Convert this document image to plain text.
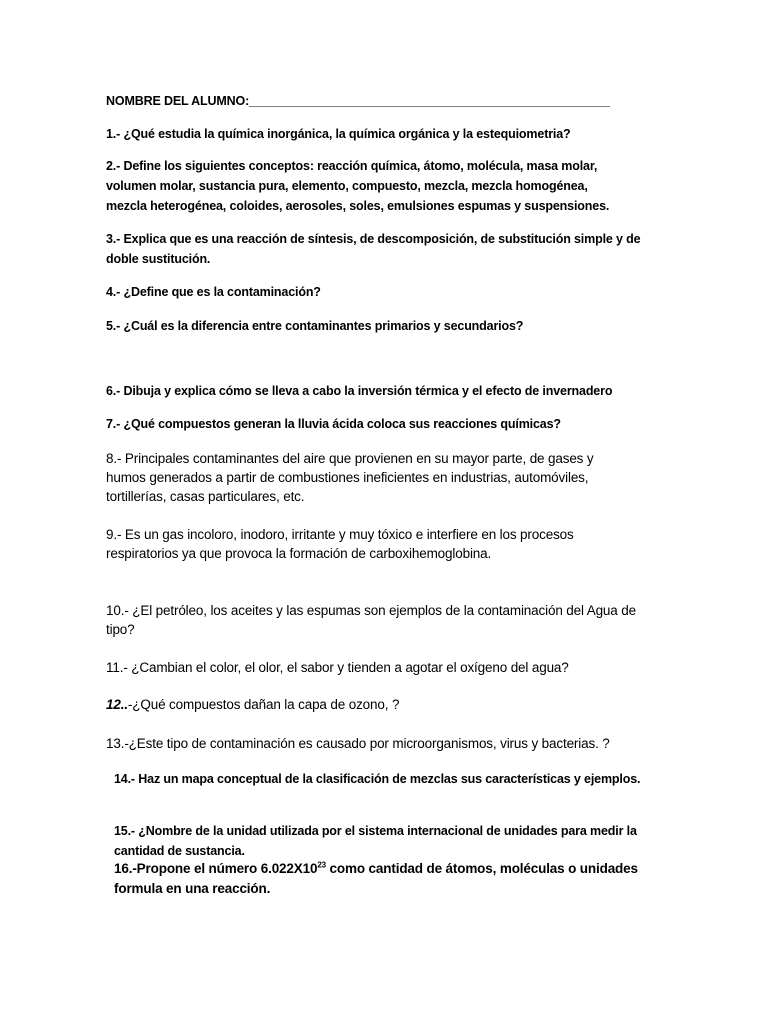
NOMBRE DEL ALUMNO:_____________________________________________________
1.- ¿Qué estudia la química inorgánica, la química orgánica y la estequiometria?
2.- Define los siguientes conceptos: reacción química, átomo, molécula, masa molar, volumen molar, sustancia pura, elemento, compuesto, mezcla, mezcla homogénea, mezcla heterogénea, coloides, aerosoles, soles, emulsiones espumas y suspensiones.
3.- Explica que es una reacción de síntesis, de descomposición, de substitución simple y de doble sustitución.
4.- ¿Define que es la contaminación?
5.- ¿Cuál es la diferencia entre contaminantes primarios y secundarios?
6.- Dibuja y explica cómo se lleva a cabo la inversión térmica y el efecto de invernadero
7.- ¿Qué compuestos generan la lluvia ácida coloca sus reacciones químicas?
8.- Principales contaminantes del aire que provienen en su mayor parte, de gases y humos generados a partir de combustiones ineficientes en industrias, automóviles, tortillerías, casas particulares, etc.
9.- Es un gas incoloro, inodoro, irritante y muy tóxico e interfiere en los procesos respiratorios ya que provoca la formación de carboxihemoglobina.
10.- ¿El petróleo, los aceites y las espumas son ejemplos de la contaminación del Agua de tipo?
11.- ¿Cambian el color, el olor, el sabor y tienden a agotar el oxígeno del agua?
12..-¿Qué compuestos dañan la capa de ozono, ?
13.-¿Este tipo de contaminación es causado por microorganismos, virus y bacterias. ?
14.- Haz un mapa conceptual de la clasificación de mezclas sus características y ejemplos.
15.- ¿Nombre de la unidad utilizada por el sistema internacional de unidades para medir la cantidad de sustancia.
16.-Propone el número $6.022X10^{23}$ como cantidad de átomos, moléculas o unidades formula en una reacción.
